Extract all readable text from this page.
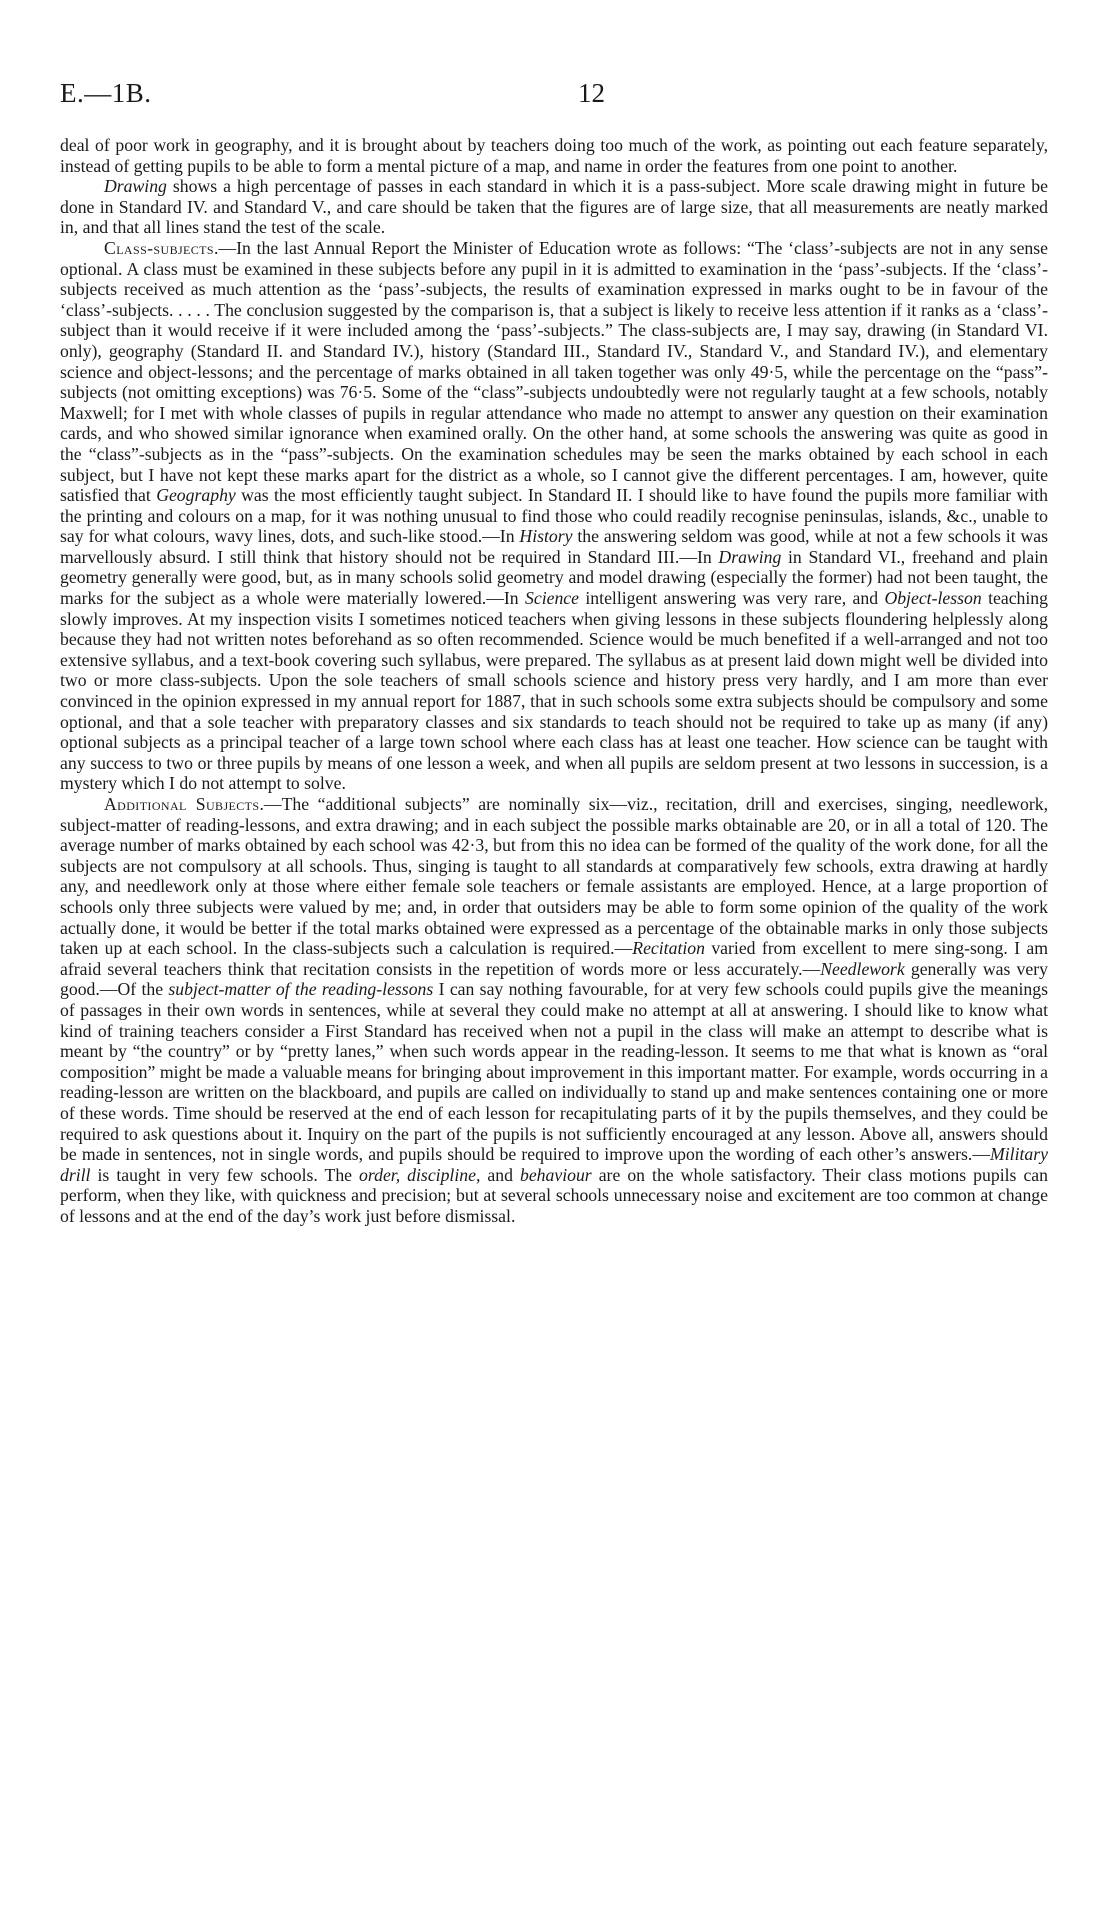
E.—1B.	12

deal of poor work in geography, and it is brought about by teachers doing too much of the work, as pointing out each feature separately, instead of getting pupils to be able to form a mental picture of a map, and name in order the features from one point to another.

Drawing shows a high percentage of passes in each standard in which it is a pass-subject. More scale drawing might in future be done in Standard IV. and Standard V., and care should be taken that the figures are of large size, that all measurements are neatly marked in, and that all lines stand the test of the scale.

Class-subjects.—In the last Annual Report the Minister of Education wrote as follows: “The ‘class’-subjects are not in any sense optional. A class must be examined in these subjects before any pupil in it is admitted to examination in the ‘pass’-subjects. If the ‘class’-subjects received as much attention as the ‘pass’-subjects, the results of examination expressed in marks ought to be in favour of the ‘class’-subjects. . . . . The conclusion suggested by the comparison is, that a subject is likely to receive less attention if it ranks as a ‘class’-subject than it would receive if it were included among the ‘pass’-subjects.” The class-subjects are, I may say, drawing (in Standard VI. only), geography (Standard II. and Standard IV.), history (Standard III., Standard IV., Standard V., and Standard IV.), and elementary science and object-lessons; and the percentage of marks obtained in all taken together was only 49·5, while the percentage on the “pass”-subjects (not omitting exceptions) was 76·5. Some of the “class”-subjects undoubtedly were not regularly taught at a few schools, notably Maxwell; for I met with whole classes of pupils in regular attendance who made no attempt to answer any question on their examination cards, and who showed similar ignorance when examined orally. On the other hand, at some schools the answering was quite as good in the “class”-subjects as in the “pass”-subjects. On the examination schedules may be seen the marks obtained by each school in each subject, but I have not kept these marks apart for the district as a whole, so I cannot give the different percentages. I am, however, quite satisfied that Geography was the most efficiently taught subject. In Standard II. I should like to have found the pupils more familiar with the printing and colours on a map, for it was nothing unusual to find those who could readily recognise peninsulas, islands, &c., unable to say for what colours, wavy lines, dots, and such-like stood.—In History the answering seldom was good, while at not a few schools it was marvellously absurd. I still think that history should not be required in Standard III.—In Drawing in Standard VI., freehand and plain geometry generally were good, but, as in many schools solid geometry and model drawing (especially the former) had not been taught, the marks for the subject as a whole were materially lowered.—In Science intelligent answering was very rare, and Object-lesson teaching slowly improves. At my inspection visits I sometimes noticed teachers when giving lessons in these subjects floundering helplessly along because they had not written notes beforehand as so often recommended. Science would be much benefited if a well-arranged and not too extensive syllabus, and a text-book covering such syllabus, were prepared. The syllabus as at present laid down might well be divided into two or more class-subjects. Upon the sole teachers of small schools science and history press very hardly, and I am more than ever convinced in the opinion expressed in my annual report for 1887, that in such schools some extra subjects should be compulsory and some optional, and that a sole teacher with preparatory classes and six standards to teach should not be required to take up as many (if any) optional subjects as a principal teacher of a large town school where each class has at least one teacher. How science can be taught with any success to two or three pupils by means of one lesson a week, and when all pupils are seldom present at two lessons in succession, is a mystery which I do not attempt to solve.

Additional Subjects.—The “additional subjects” are nominally six—viz., recitation, drill and exercises, singing, needlework, subject-matter of reading-lessons, and extra drawing; and in each subject the possible marks obtainable are 20, or in all a total of 120. The average number of marks obtained by each school was 42·3, but from this no idea can be formed of the quality of the work done, for all the subjects are not compulsory at all schools. Thus, singing is taught to all standards at comparatively few schools, extra drawing at hardly any, and needlework only at those where either female sole teachers or female assistants are employed. Hence, at a large proportion of schools only three subjects were valued by me; and, in order that outsiders may be able to form some opinion of the quality of the work actually done, it would be better if the total marks obtained were expressed as a percentage of the obtainable marks in only those subjects taken up at each school. In the class-subjects such a calculation is required.—Recitation varied from excellent to mere sing-song. I am afraid several teachers think that recitation consists in the repetition of words more or less accurately.—Needlework generally was very good.—Of the subject-matter of the reading-lessons I can say nothing favourable, for at very few schools could pupils give the meanings of passages in their own words in sentences, while at several they could make no attempt at all at answering. I should like to know what kind of training teachers consider a First Standard has received when not a pupil in the class will make an attempt to describe what is meant by “the country” or by “pretty lanes,” when such words appear in the reading-lesson. It seems to me that what is known as “oral composition” might be made a valuable means for bringing about improvement in this important matter. For example, words occurring in a reading-lesson are written on the blackboard, and pupils are called on individually to stand up and make sentences containing one or more of these words. Time should be reserved at the end of each lesson for recapitulating parts of it by the pupils themselves, and they could be required to ask questions about it. Inquiry on the part of the pupils is not sufficiently encouraged at any lesson. Above all, answers should be made in sentences, not in single words, and pupils should be required to improve upon the wording of each other’s answers.—Military drill is taught in very few schools. The order, discipline, and behaviour are on the whole satisfactory. Their class motions pupils can perform, when they like, with quickness and precision; but at several schools unnecessary noise and excitement are too common at change of lessons and at the end of the day’s work just before dismissal.
